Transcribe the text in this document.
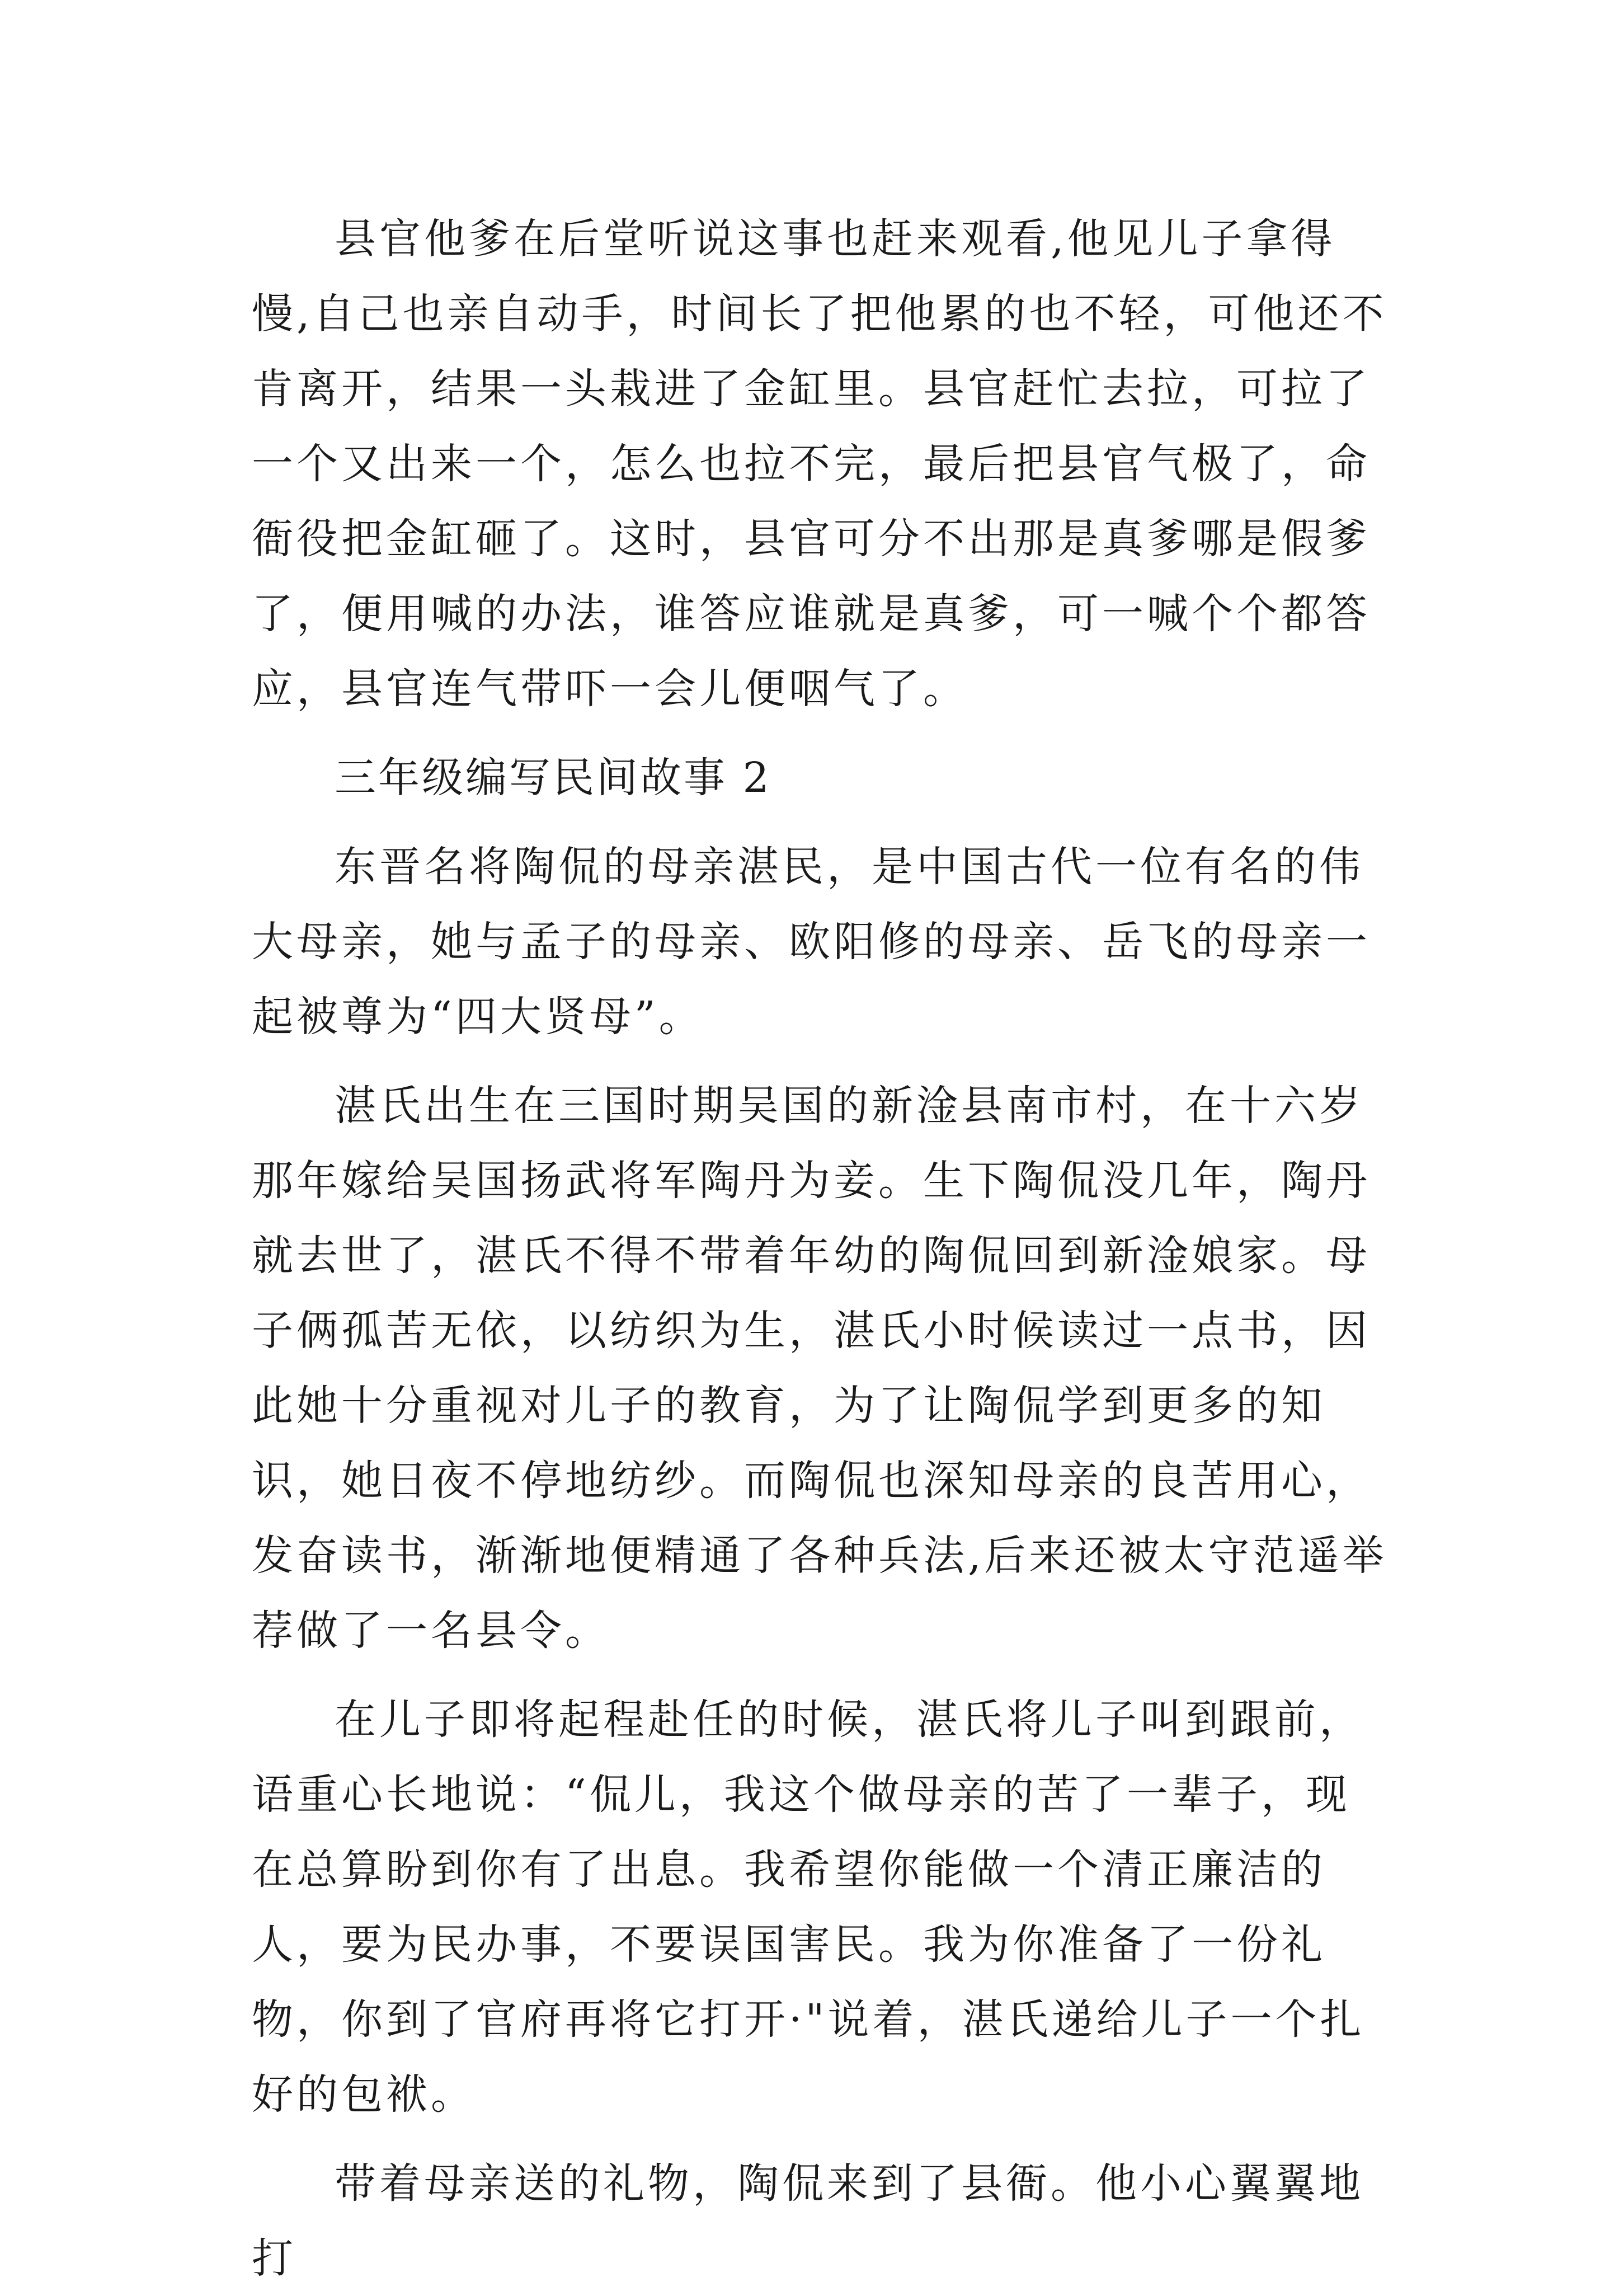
县官他爹在后堂听说这事也赶来观看,他见儿子拿得慢,自己也亲自动手，时间长了把他累的也不轻，可他还不肯离开，结果一头栽进了金缸里。县官赶忙去拉，可拉了一个又出来一个，怎么也拉不完，最后把县官气极了，命衙役把金缸砸了。这时，县官可分不出那是真爹哪是假爹了，便用喊的办法，谁答应谁就是真爹，可一喊个个都答应，县官连气带吓一会儿便咽气了。

三年级编写民间故事 2

东晋名将陶侃的母亲湛民，是中国古代一位有名的伟大母亲，她与孟子的母亲、欧阳修的母亲、岳飞的母亲一起被尊为“四大贤母”。

湛氏出生在三国时期吴国的新淦县南市村，在十六岁那年嫁给吴国扬武将军陶丹为妾。生下陶侃没几年，陶丹就去世了，湛氏不得不带着年幼的陶侃回到新淦娘家。母子俩孤苦无依，以纺织为生，湛氏小时候读过一点书，因此她十分重视对儿子的教育，为了让陶侃学到更多的知识，她日夜不停地纺纱。而陶侃也深知母亲的良苦用心，发奋读书，渐渐地便精通了各种兵法,后来还被太守范遥举荐做了一名县令。

在儿子即将起程赴任的时候，湛氏将儿子叫到跟前，语重心长地说：“侃儿，我这个做母亲的苦了一辈子，现在总算盼到你有了出息。我希望你能做一个清正廉洁的人，要为民办事，不要误国害民。我为你准备了一份礼物，你到了官府再将它打开·"说着，湛氏递给儿子一个扎好的包袱。

带着母亲送的礼物，陶侃来到了县衙。他小心翼翼地打
